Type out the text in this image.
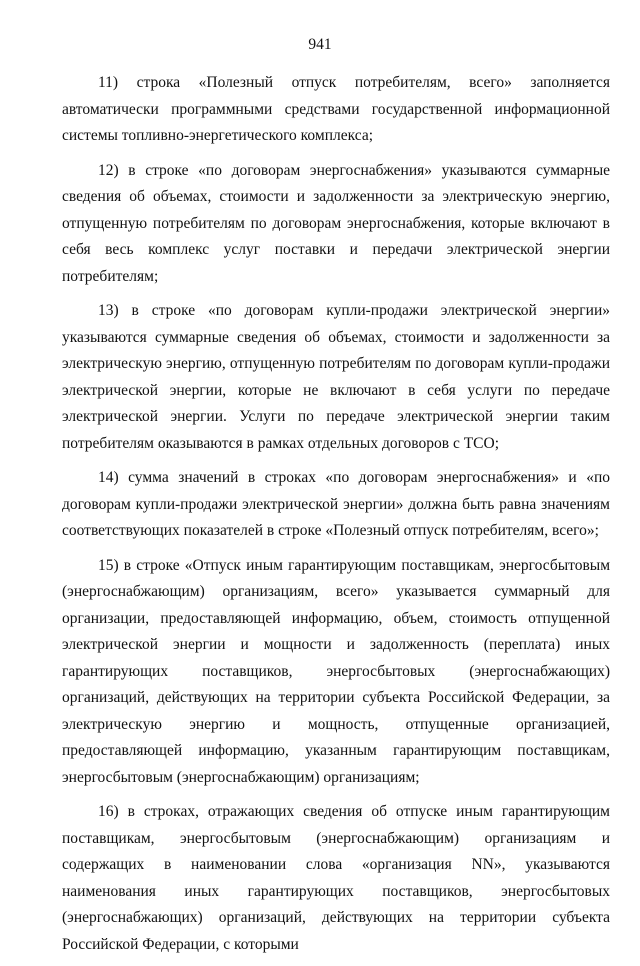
941

11) строка «Полезный отпуск потребителям, всего» заполняется автоматически программными средствами государственной информационной системы топливно-энергетического комплекса;

12) в строке «по договорам энергоснабжения» указываются суммарные сведения об объемах, стоимости и задолженности за электрическую энергию, отпущенную потребителям по договорам энергоснабжения, которые включают в себя весь комплекс услуг поставки и передачи электрической энергии потребителям;

13) в строке «по договорам купли-продажи электрической энергии» указываются суммарные сведения об объемах, стоимости и задолженности за электрическую энергию, отпущенную потребителям по договорам купли-продажи электрической энергии, которые не включают в себя услуги по передаче электрической энергии. Услуги по передаче электрической энергии таким потребителям оказываются в рамках отдельных договоров с ТСО;

14) сумма значений в строках «по договорам энергоснабжения» и «по договорам купли-продажи электрической энергии» должна быть равна значениям соответствующих показателей в строке «Полезный отпуск потребителям, всего»;

15) в строке «Отпуск иным гарантирующим поставщикам, энергосбытовым (энергоснабжающим) организациям, всего» указывается суммарный для организации, предоставляющей информацию, объем, стоимость отпущенной электрической энергии и мощности и задолженность (переплата) иных гарантирующих поставщиков, энергосбытовых (энергоснабжающих) организаций, действующих на территории субъекта Российской Федерации, за электрическую энергию и мощность, отпущенные организацией, предоставляющей информацию, указанным гарантирующим поставщикам, энергосбытовым (энергоснабжающим) организациям;

16) в строках, отражающих сведения об отпуске иным гарантирующим поставщикам, энергосбытовым (энергоснабжающим) организациям и содержащих в наименовании слова «организация NN», указываются наименования иных гарантирующих поставщиков, энергосбытовых (энергоснабжающих) организаций, действующих на территории субъекта Российской Федерации, с которыми
